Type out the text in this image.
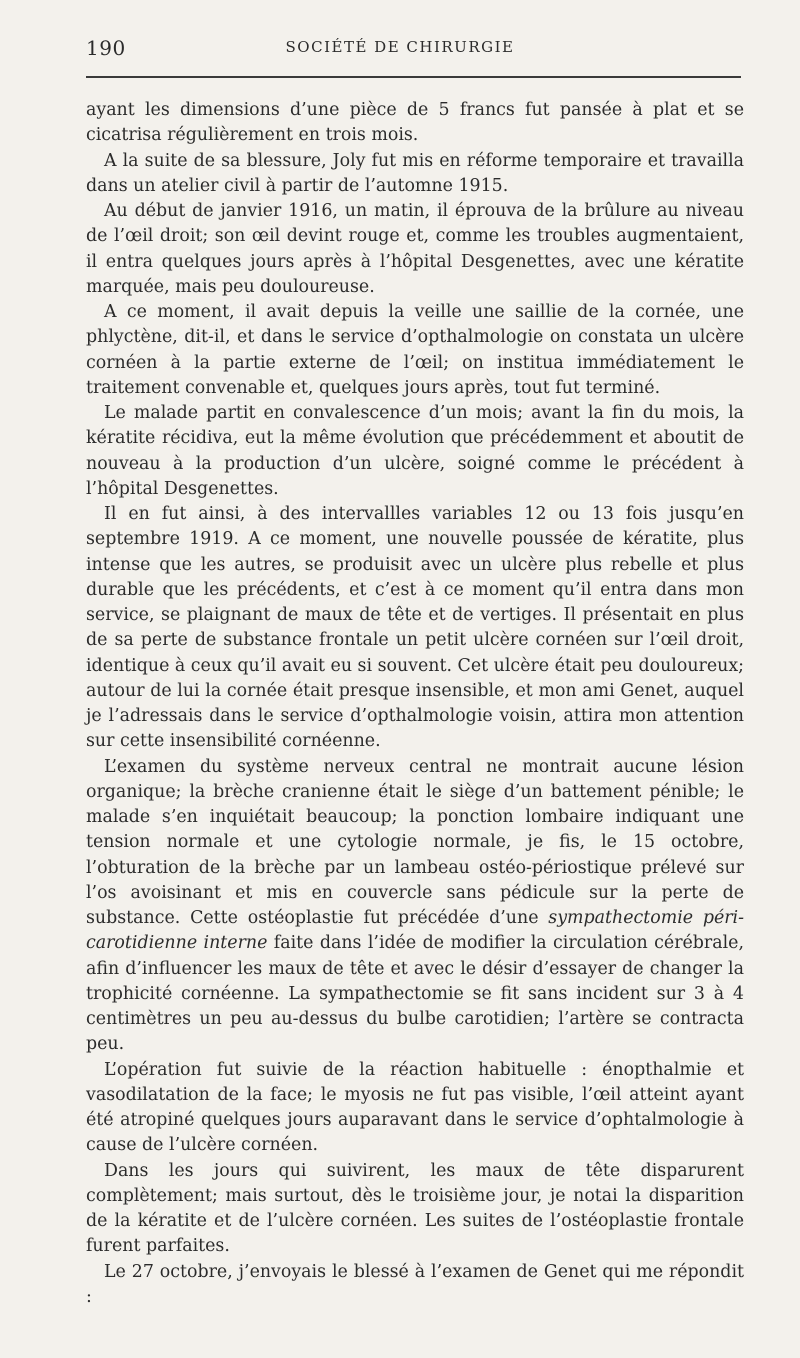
190	SOCIÉTÉ DE CHIRURGIE

ayant les dimensions d’une pièce de 5 francs fut pansée à plat et se cicatrisa régulièrement en trois mois.

A la suite de sa blessure, Joly fut mis en réforme temporaire et travailla dans un atelier civil à partir de l’automne 1915.

Au début de janvier 1916, un matin, il éprouva de la brûlure au niveau de l’œil droit; son œil devint rouge et, comme les troubles augmentaient, il entra quelques jours après à l’hôpital Desgenettes, avec une kératite marquée, mais peu douloureuse.

A ce moment, il avait depuis la veille une saillie de la cornée, une phlyctène, dit-il, et dans le service d’opthalmologie on constata un ulcère cornéen à la partie externe de l’œil; on institua immédiatement le traitement convenable et, quelques jours après, tout fut terminé.

Le malade partit en convalescence d’un mois; avant la fin du mois, la kératite récidiva, eut la même évolution que précédemment et aboutit de nouveau à la production d’un ulcère, soigné comme le précédent à l’hôpital Desgenettes.

Il en fut ainsi, à des intervallles variables 12 ou 13 fois jusqu’en septembre 1919. A ce moment, une nouvelle poussée de kératite, plus intense que les autres, se produisit avec un ulcère plus rebelle et plus durable que les précédents, et c’est à ce moment qu’il entra dans mon service, se plaignant de maux de tête et de vertiges. Il présentait en plus de sa perte de substance frontale un petit ulcère cornéen sur l’œil droit, identique à ceux qu’il avait eu si souvent. Cet ulcère était peu douloureux; autour de lui la cornée était presque insensible, et mon ami Genet, auquel je l’adressais dans le service d’opthalmologie voisin, attira mon attention sur cette insensibilité cornéenne.

L’examen du système nerveux central ne montrait aucune lésion organique; la brèche cranienne était le siège d’un battement pénible; le malade s’en inquiétait beaucoup; la ponction lombaire indiquant une tension normale et une cytologie normale, je fis, le 15 octobre, l’obturation de la brèche par un lambeau ostéo-périostique prélevé sur l’os avoisinant et mis en couvercle sans pédicule sur la perte de substance. Cette ostéoplastie fut précédée d’une sympathectomie péri-carotidienne interne faite dans l’idée de modifier la circulation cérébrale, afin d’influencer les maux de tête et avec le désir d’essayer de changer la trophicité cornéenne. La sympathectomie se fit sans incident sur 3 à 4 centimètres un peu au-dessus du bulbe carotidien; l’artère se contracta peu.

L’opération fut suivie de la réaction habituelle : énopthalmie et vasodilatation de la face; le myosis ne fut pas visible, l’œil atteint ayant été atropiné quelques jours auparavant dans le service d’ophtalmologie à cause de l’ulcère cornéen.

Dans les jours qui suivirent, les maux de tête disparurent complètement; mais surtout, dès le troisième jour, je notai la disparition de la kératite et de l’ulcère cornéen. Les suites de l’ostéoplastie frontale furent parfaites.

Le 27 octobre, j’envoyais le blessé à l’examen de Genet qui me répondit :
